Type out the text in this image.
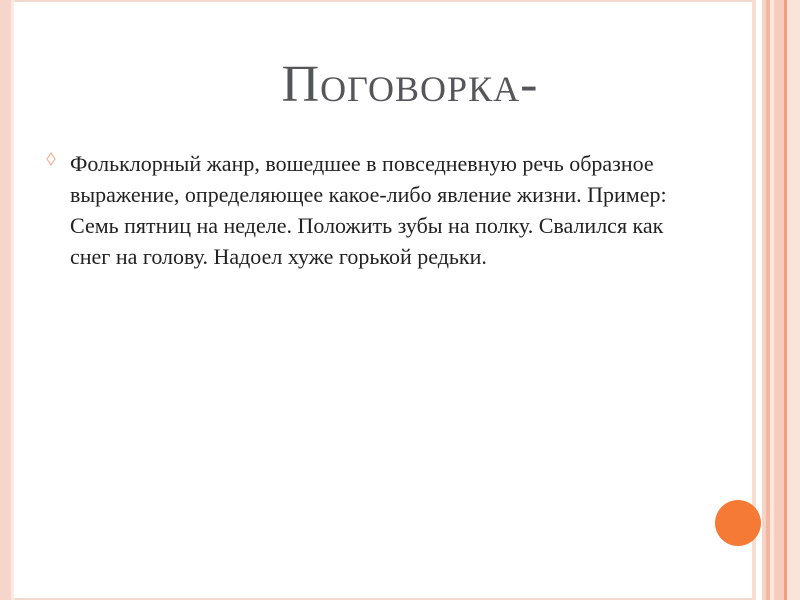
Поговорка-
Фольклорный жанр, вошедшее в повседневную речь образное выражение, определяющее какое-либо явление жизни. Пример: Семь пятниц на неделе. Положить зубы на полку. Свалился как снег на голову. Надоел хуже горькой редьки.
